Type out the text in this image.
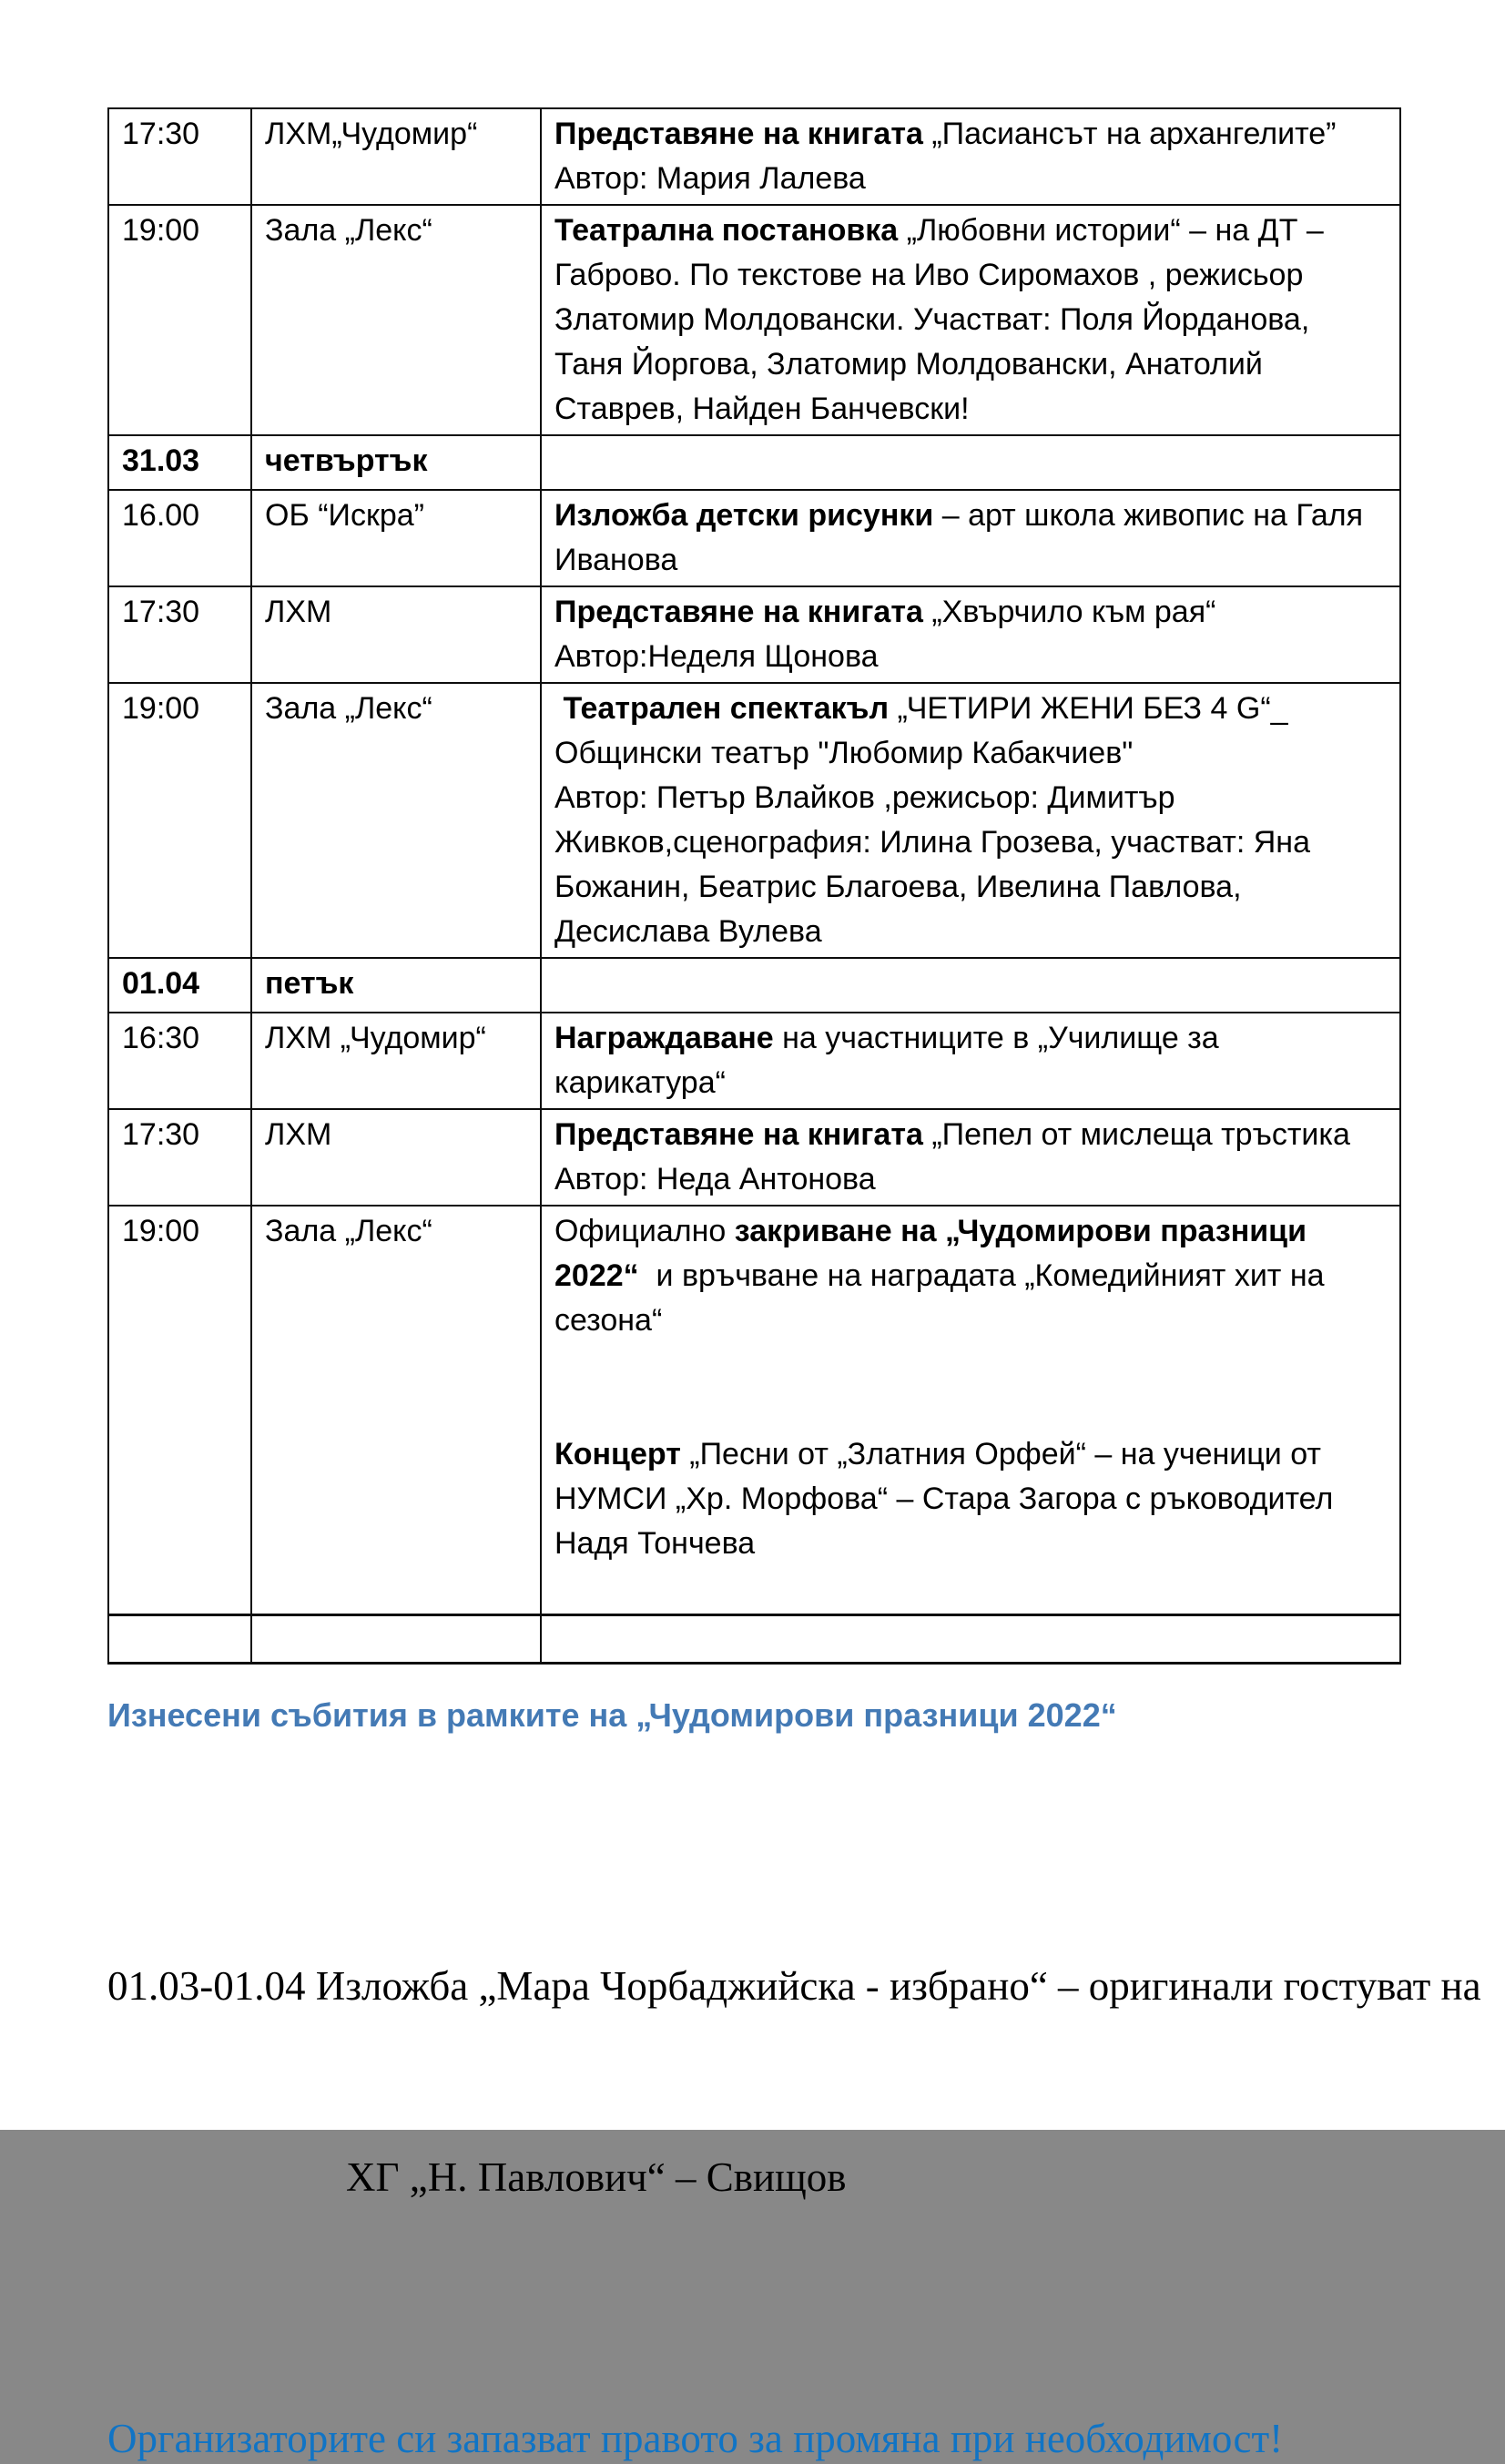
17:30	ЛХМ„Чудомир“	Представяне на книгата „Пасиансът на архангелите”
Автор: Мария Лалева

19:00	Зала „Лекс“	Театрална постановка „Любовни истории“ – на ДТ –
Габрово. По текстове на Иво Сиромахов , режисьор
Златомир Молдовански. Участват: Поля Йорданова,
Таня Йоргова, Златомир Молдовански, Анатолий
Ставрев, Найден Банчевски!

31.03	четвъртък	
16.00	ОБ “Искра”	Изложба детски рисунки – арт школа живопис на Галя
Иванова

17:30	ЛХМ	Представяне на книгата „Хвърчило към рая“
Автор:Неделя Щонова

19:00	Зала „Лекс“	Театрален спектакъл „ЧЕТИРИ ЖЕНИ БЕЗ 4 G“_
Общински театър "Любомир Кабакчиев"
Автор: Петър Влайков ,режисьор: Димитър
Живков,сценография: Илина Грозева, участват: Яна
Божанин, Беатрис Благоева, Ивелина Павлова,
Десислава Вулева

01.04	петък	
16:30	ЛХМ „Чудомир“	Награждаване на участниците в „Училище за
карикатура“

17:30	ЛХМ	Представяне на книгата „Пепел от мислеща тръстика
Автор: Неда Антонова

19:00	Зала „Лекс“	Официално закриване на „Чудомирови празници
2022“  и връчване на наградата „Комедийният хит на
сезона“

Концерт „Песни от „Златния Орфей“ – на ученици от
НУМСИ „Хр. Морфова“ – Стара Загора с ръководител
Надя Тончева

Изнесени събития в рамките на „Чудомирови празници 2022“

01.03-01.04 Изложба „Мара Чорбаджийска - избрано“ – оригинали гостуват на

ХГ „Н. Павлович“ – Свищов

Организаторите си запазват правото за промяна при необходимост!
